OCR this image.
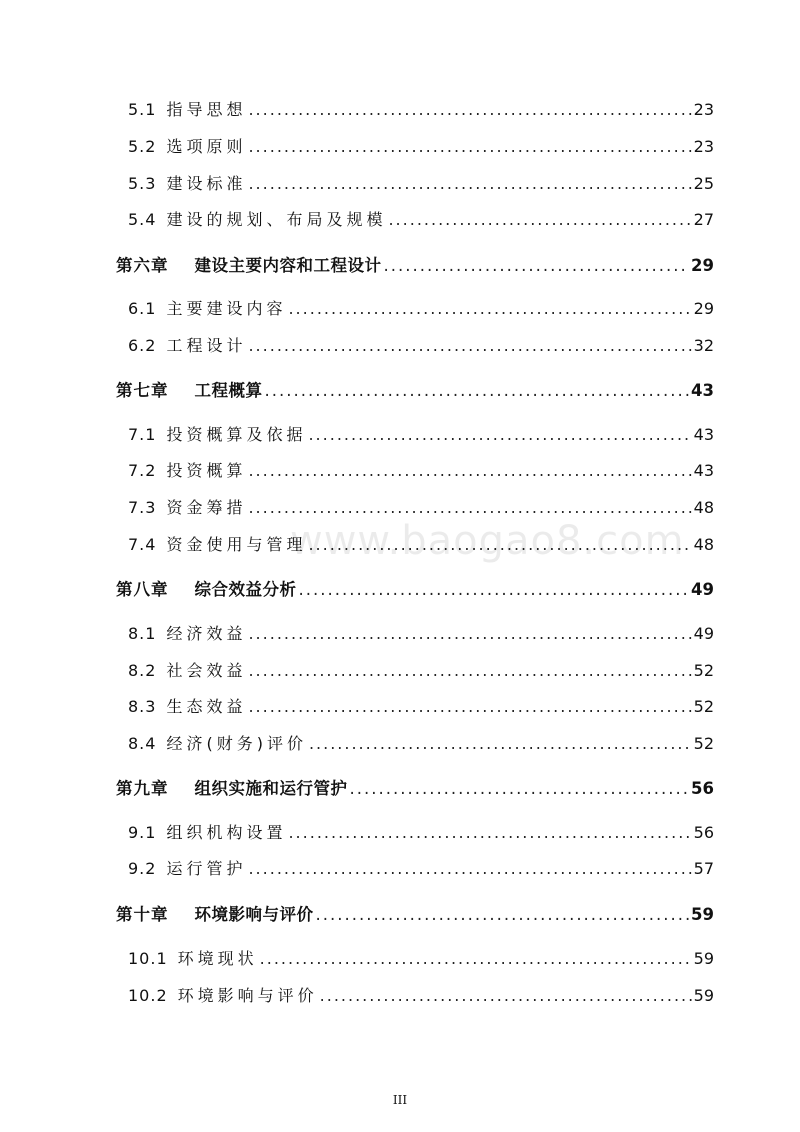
5.1 指导思想 .....	23
5.2 选项原则 .....	23
5.3 建设标准 .....	25
5.4 建设的规划、布局及规模 .....	27
第六章 建设主要内容和工程设计 .....	29
6.1 主要建设内容 .....	29
6.2 工程设计 .....	32
第七章 工程概算 .....	43
7.1 投资概算及依据 .....	43
7.2 投资概算 .....	43
7.3 资金筹措 .....	48
7.4 资金使用与管理 .....	48
第八章 综合效益分析 .....	49
8.1 经济效益 .....	49
8.2 社会效益 .....	52
8.3 生态效益 .....	52
8.4 经济(财务)评价 .....	52
第九章 组织实施和运行管护 .....	56
9.1 组织机构设置 .....	56
9.2 运行管护 .....	57
第十章 环境影响与评价 .....	59
10.1 环境现状 .....	59
10.2 环境影响与评价 .....	59
www.baogao8.com
III
